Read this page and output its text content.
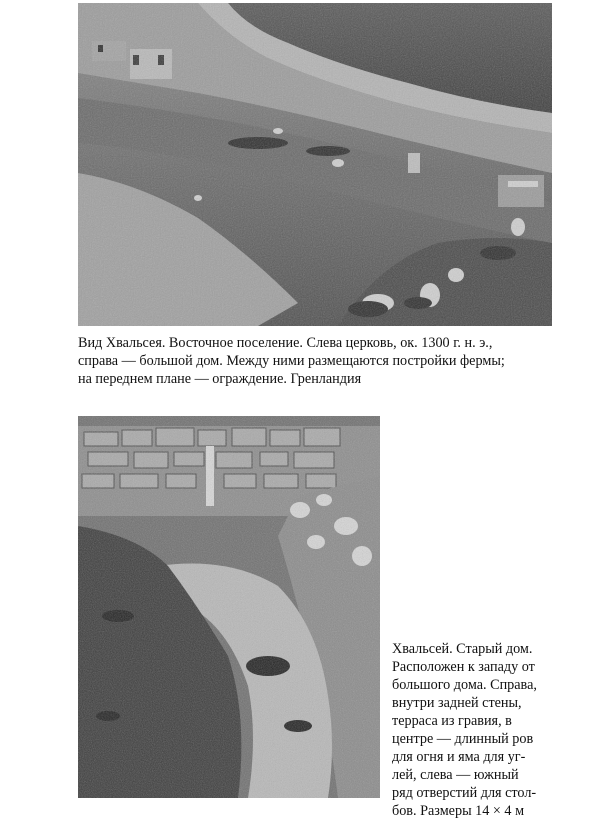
Вид Хвальсея. Восточное поселение. Слева церковь, ок. 1300 г. н. э.,
справа — большой дом. Между ними размещаются постройки фермы;
на переднем плане — ограждение. Гренландия

Хвальсей. Старый дом.
Расположен к западу от
большого дома. Справа,
внутри задней стены,
терраса из гравия, в
центре — длинный ров
для огня и яма для уг-
лей, слева — южный
ряд отверстий для стол-
бов. Размеры 14 × 4 м
